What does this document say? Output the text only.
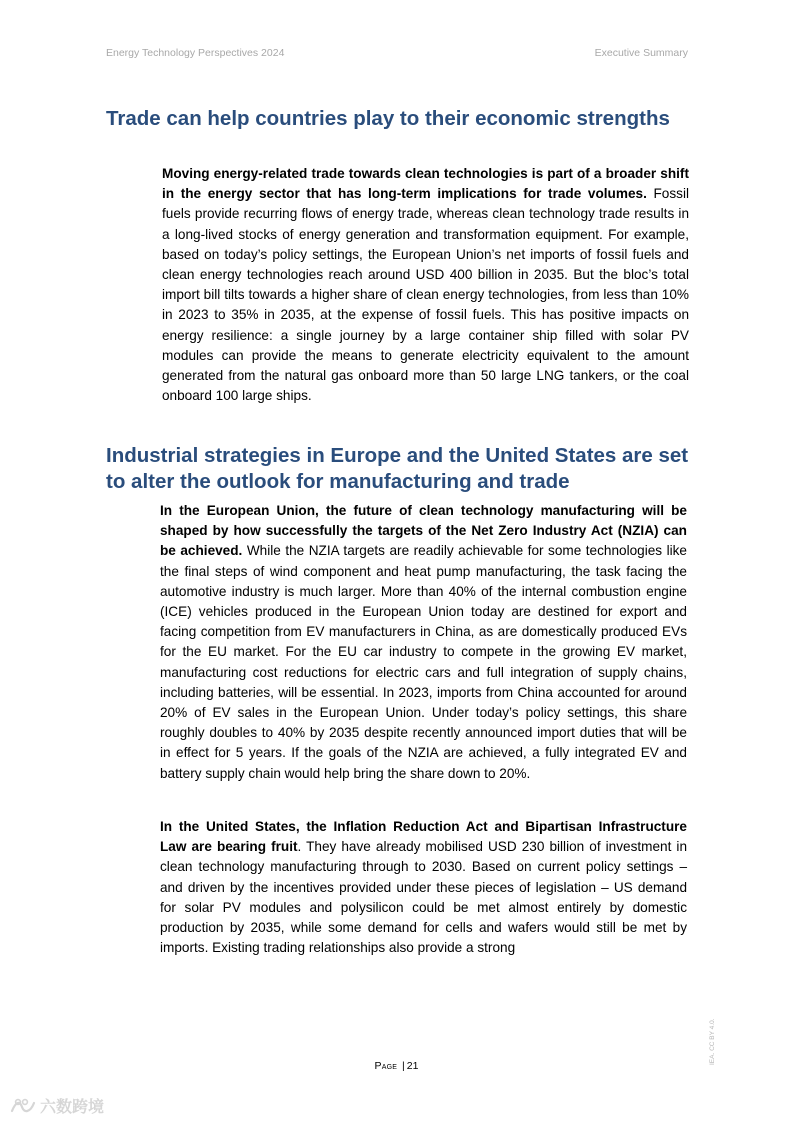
Energy Technology Perspectives 2024	Executive Summary
Trade can help countries play to their economic strengths

Moving energy-related trade towards clean technologies is part of a broader shift in the energy sector that has long-term implications for trade volumes. Fossil fuels provide recurring flows of energy trade, whereas clean technology trade results in a long-lived stocks of energy generation and transformation equipment. For example, based on today’s policy settings, the European Union’s net imports of fossil fuels and clean energy technologies reach around USD 400 billion in 2035. But the bloc’s total import bill tilts towards a higher share of clean energy technologies, from less than 10% in 2023 to 35% in 2035, at the expense of fossil fuels. This has positive impacts on energy resilience: a single journey by a large container ship filled with solar PV modules can provide the means to generate electricity equivalent to the amount generated from the natural gas onboard more than 50 large LNG tankers, or the coal onboard 100 large ships.

Industrial strategies in Europe and the United States are set to alter the outlook for manufacturing and trade

In the European Union, the future of clean technology manufacturing will be shaped by how successfully the targets of the Net Zero Industry Act (NZIA) can be achieved. While the NZIA targets are readily achievable for some technologies like the final steps of wind component and heat pump manufacturing, the task facing the automotive industry is much larger. More than 40% of the internal combustion engine (ICE) vehicles produced in the European Union today are destined for export and facing competition from EV manufacturers in China, as are domestically produced EVs for the EU market. For the EU car industry to compete in the growing EV market, manufacturing cost reductions for electric cars and full integration of supply chains, including batteries, will be essential. In 2023, imports from China accounted for around 20% of EV sales in the European Union. Under today’s policy settings, this share roughly doubles to 40% by 2035 despite recently announced import duties that will be in effect for 5 years. If the goals of the NZIA are achieved, a fully integrated EV and battery supply chain would help bring the share down to 20%.

In the United States, the Inflation Reduction Act and Bipartisan Infrastructure Law are bearing fruit. They have already mobilised USD 230 billion of investment in clean technology manufacturing through to 2030. Based on current policy settings – and driven by the incentives provided under these pieces of legislation – US demand for solar PV modules and polysilicon could be met almost entirely by domestic production by 2035, while some demand for cells and wafers would still be met by imports. Existing trading relationships also provide a strong

Page | 21
IEA. CC BY 4.0.
六数跨境
